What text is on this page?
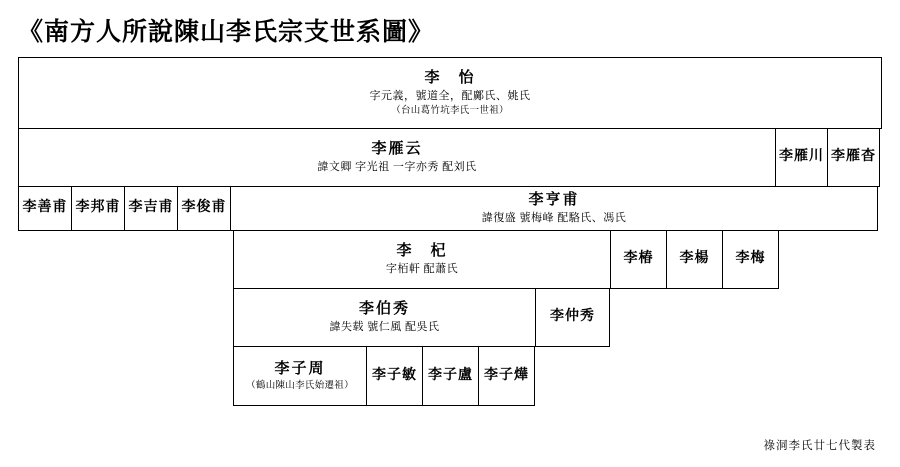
《南方人所說陳山李氏宗支世系圖》
李　怡
字元義，號道全，配鄺氏、姚氏
（台山葛竹坑李氏一世祖）
李雁云
諱文卿 字光祖 一字亦秀 配刘氏
李雁川 李雁杳
李善甫 李邦甫 李吉甫 李俊甫	李亨甫
諱復盛 號梅峰 配駱氏、馮氏
李　杞
字栢軒 配蕭氏
李椿 李楊 李梅
李伯秀
諱失载 號仁風 配吳氏
李仲秀
李子周
（鶴山陳山李氏始遷祖）
李子敏 李子盧 李子燁
祿洞李氏廿七代製表
